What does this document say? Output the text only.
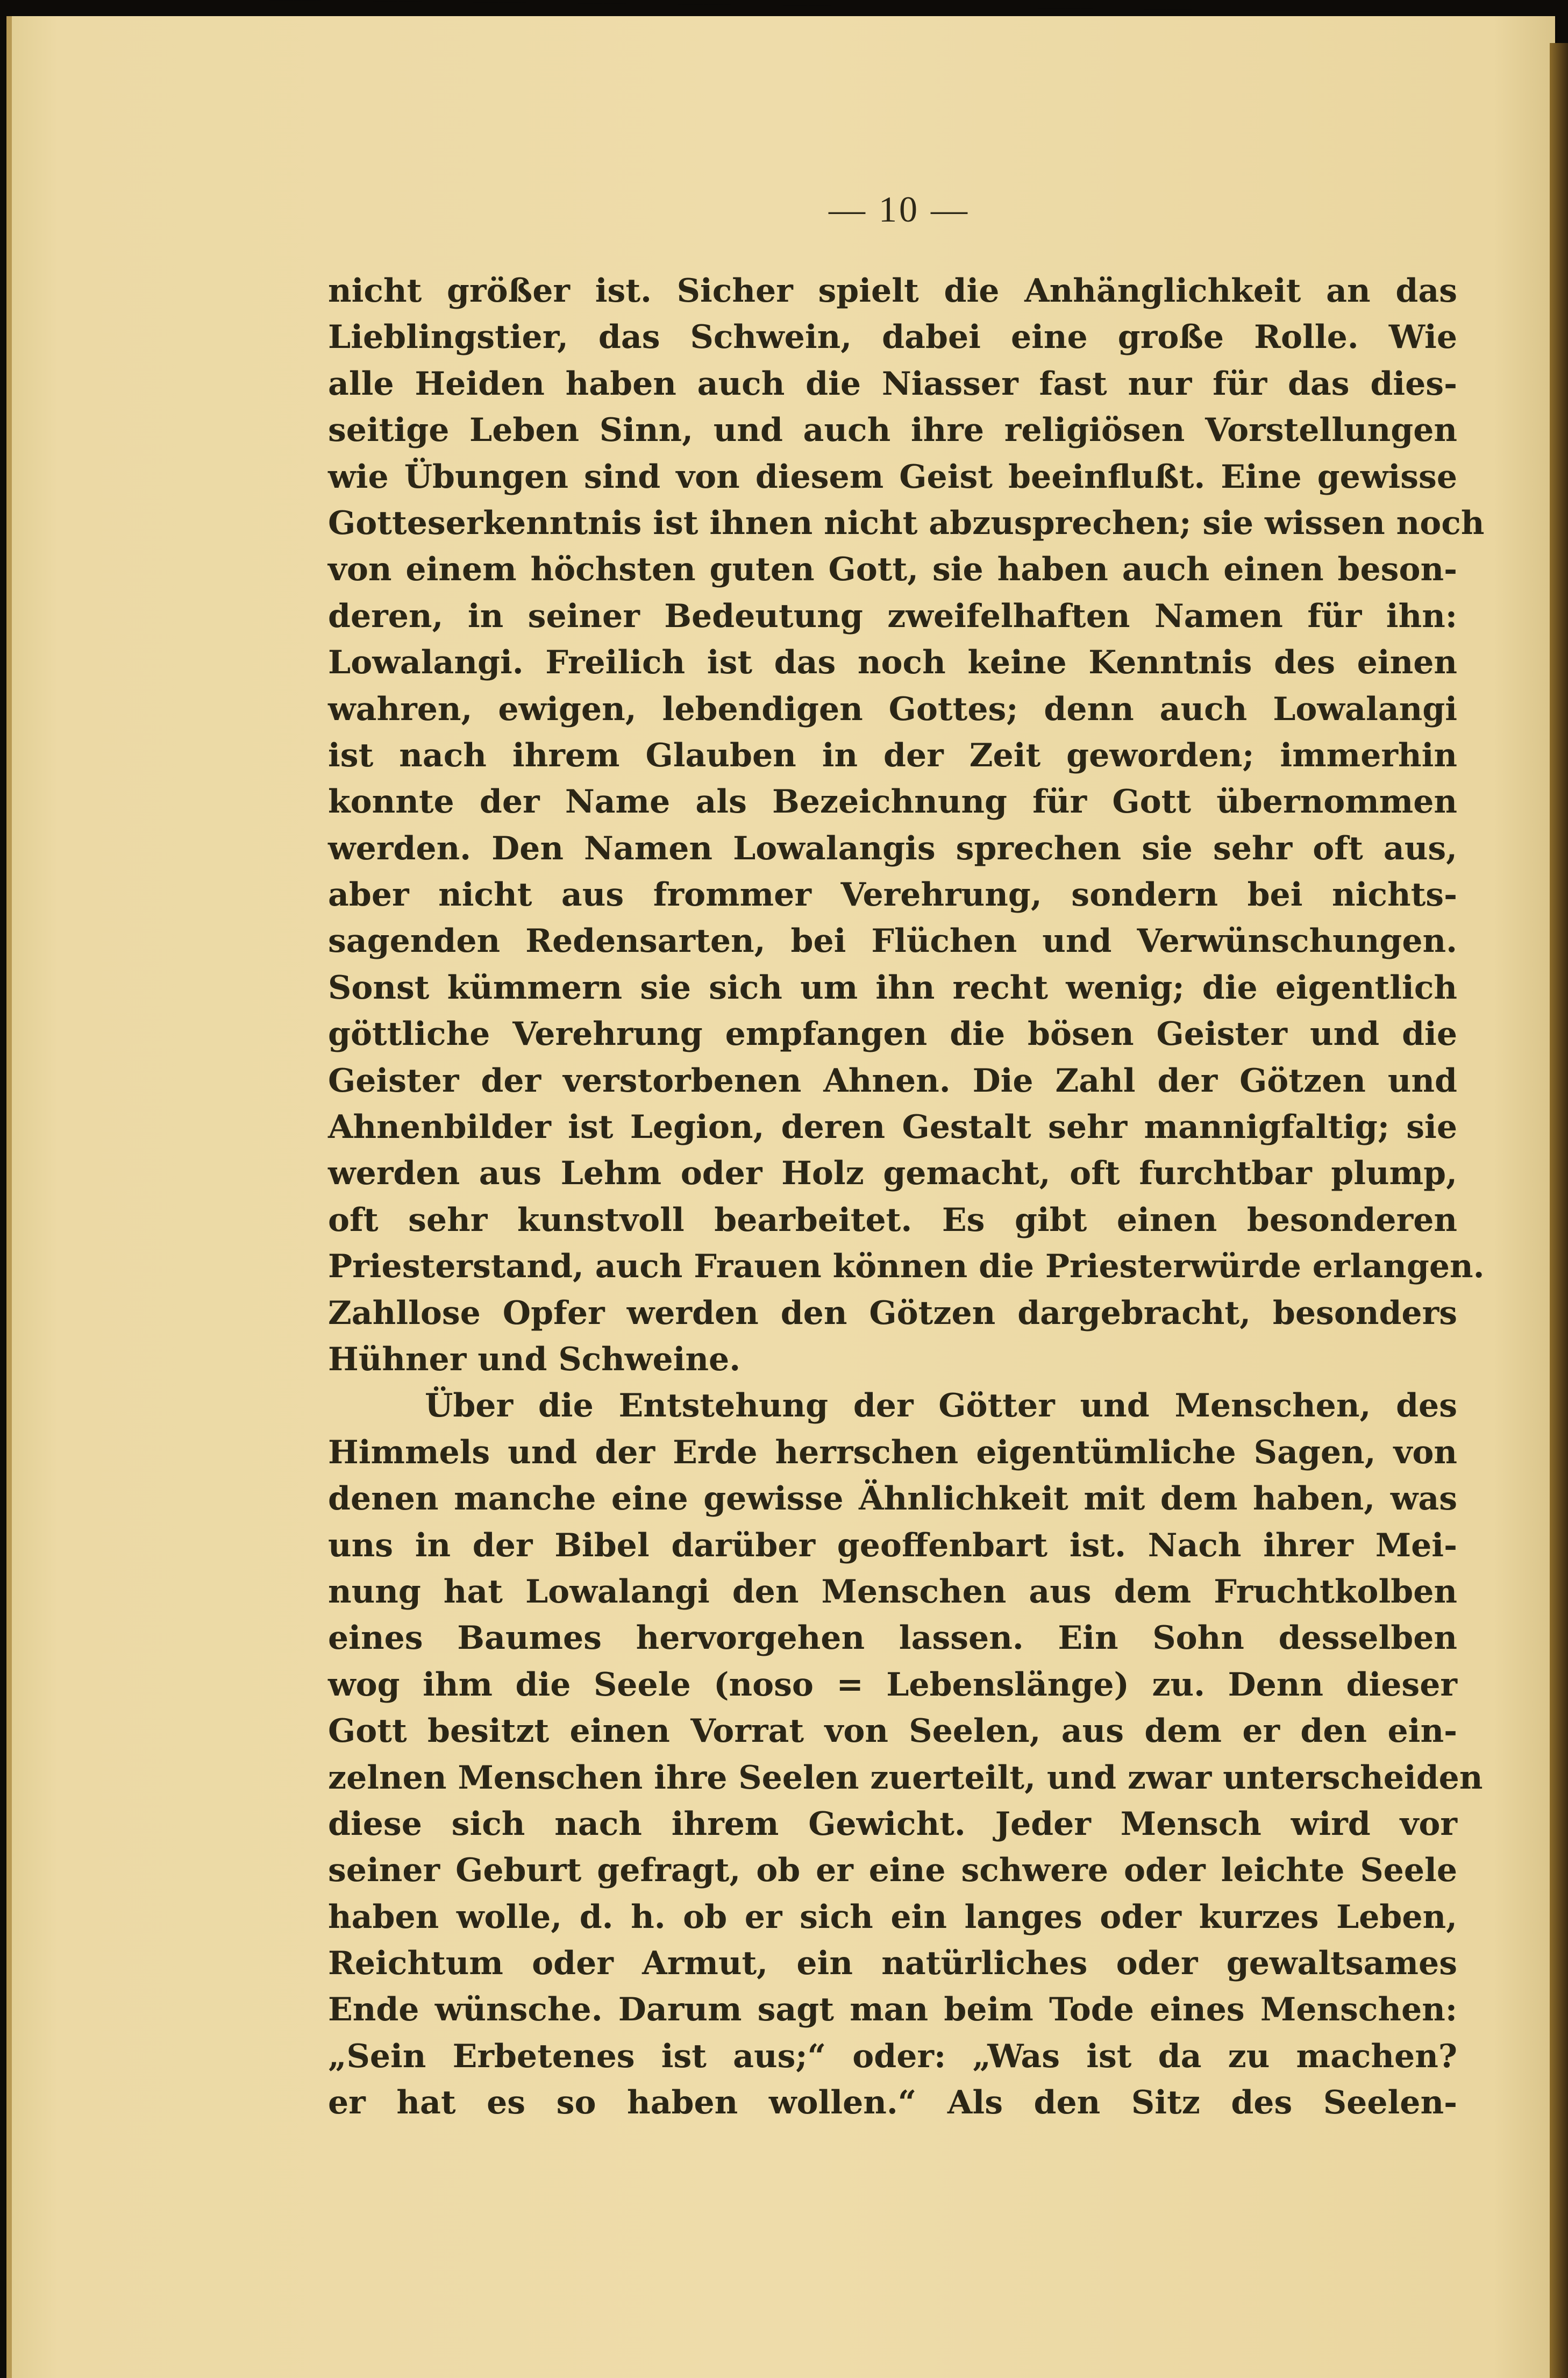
— 10 —
nicht größer ist. Sicher spielt die Anhänglichkeit an das
Lieblingstier, das Schwein, dabei eine große Rolle. Wie
alle Heiden haben auch die Niasser fast nur für das dies-
seitige Leben Sinn, und auch ihre religiösen Vorstellungen
wie Übungen sind von diesem Geist beeinflußt. Eine gewisse
Gotteserkenntnis ist ihnen nicht abzusprechen; sie wissen noch
von einem höchsten guten Gott, sie haben auch einen beson-
deren, in seiner Bedeutung zweifelhaften Namen für ihn:
Lowalangi. Freilich ist das noch keine Kenntnis des einen
wahren, ewigen, lebendigen Gottes; denn auch Lowalangi
ist nach ihrem Glauben in der Zeit geworden; immerhin
konnte der Name als Bezeichnung für Gott übernommen
werden. Den Namen Lowalangis sprechen sie sehr oft aus,
aber nicht aus frommer Verehrung, sondern bei nichts-
sagenden Redensarten, bei Flüchen und Verwünschungen.
Sonst kümmern sie sich um ihn recht wenig; die eigentlich
göttliche Verehrung empfangen die bösen Geister und die
Geister der verstorbenen Ahnen. Die Zahl der Götzen und
Ahnenbilder ist Legion, deren Gestalt sehr mannigfaltig; sie
werden aus Lehm oder Holz gemacht, oft furchtbar plump,
oft sehr kunstvoll bearbeitet. Es gibt einen besonderen
Priesterstand, auch Frauen können die Priesterwürde erlangen.
Zahllose Opfer werden den Götzen dargebracht, besonders
Hühner und Schweine.
Über die Entstehung der Götter und Menschen, des
Himmels und der Erde herrschen eigentümliche Sagen, von
denen manche eine gewisse Ähnlichkeit mit dem haben, was
uns in der Bibel darüber geoffenbart ist. Nach ihrer Mei-
nung hat Lowalangi den Menschen aus dem Fruchtkolben
eines Baumes hervorgehen lassen. Ein Sohn desselben
wog ihm die Seele (noso = Lebenslänge) zu. Denn dieser
Gott besitzt einen Vorrat von Seelen, aus dem er den ein-
zelnen Menschen ihre Seelen zuerteilt, und zwar unterscheiden
diese sich nach ihrem Gewicht. Jeder Mensch wird vor
seiner Geburt gefragt, ob er eine schwere oder leichte Seele
haben wolle, d. h. ob er sich ein langes oder kurzes Leben,
Reichtum oder Armut, ein natürliches oder gewaltsames
Ende wünsche. Darum sagt man beim Tode eines Menschen:
„Sein Erbetenes ist aus;“ oder: „Was ist da zu machen?
er hat es so haben wollen.“ Als den Sitz des Seelen-
